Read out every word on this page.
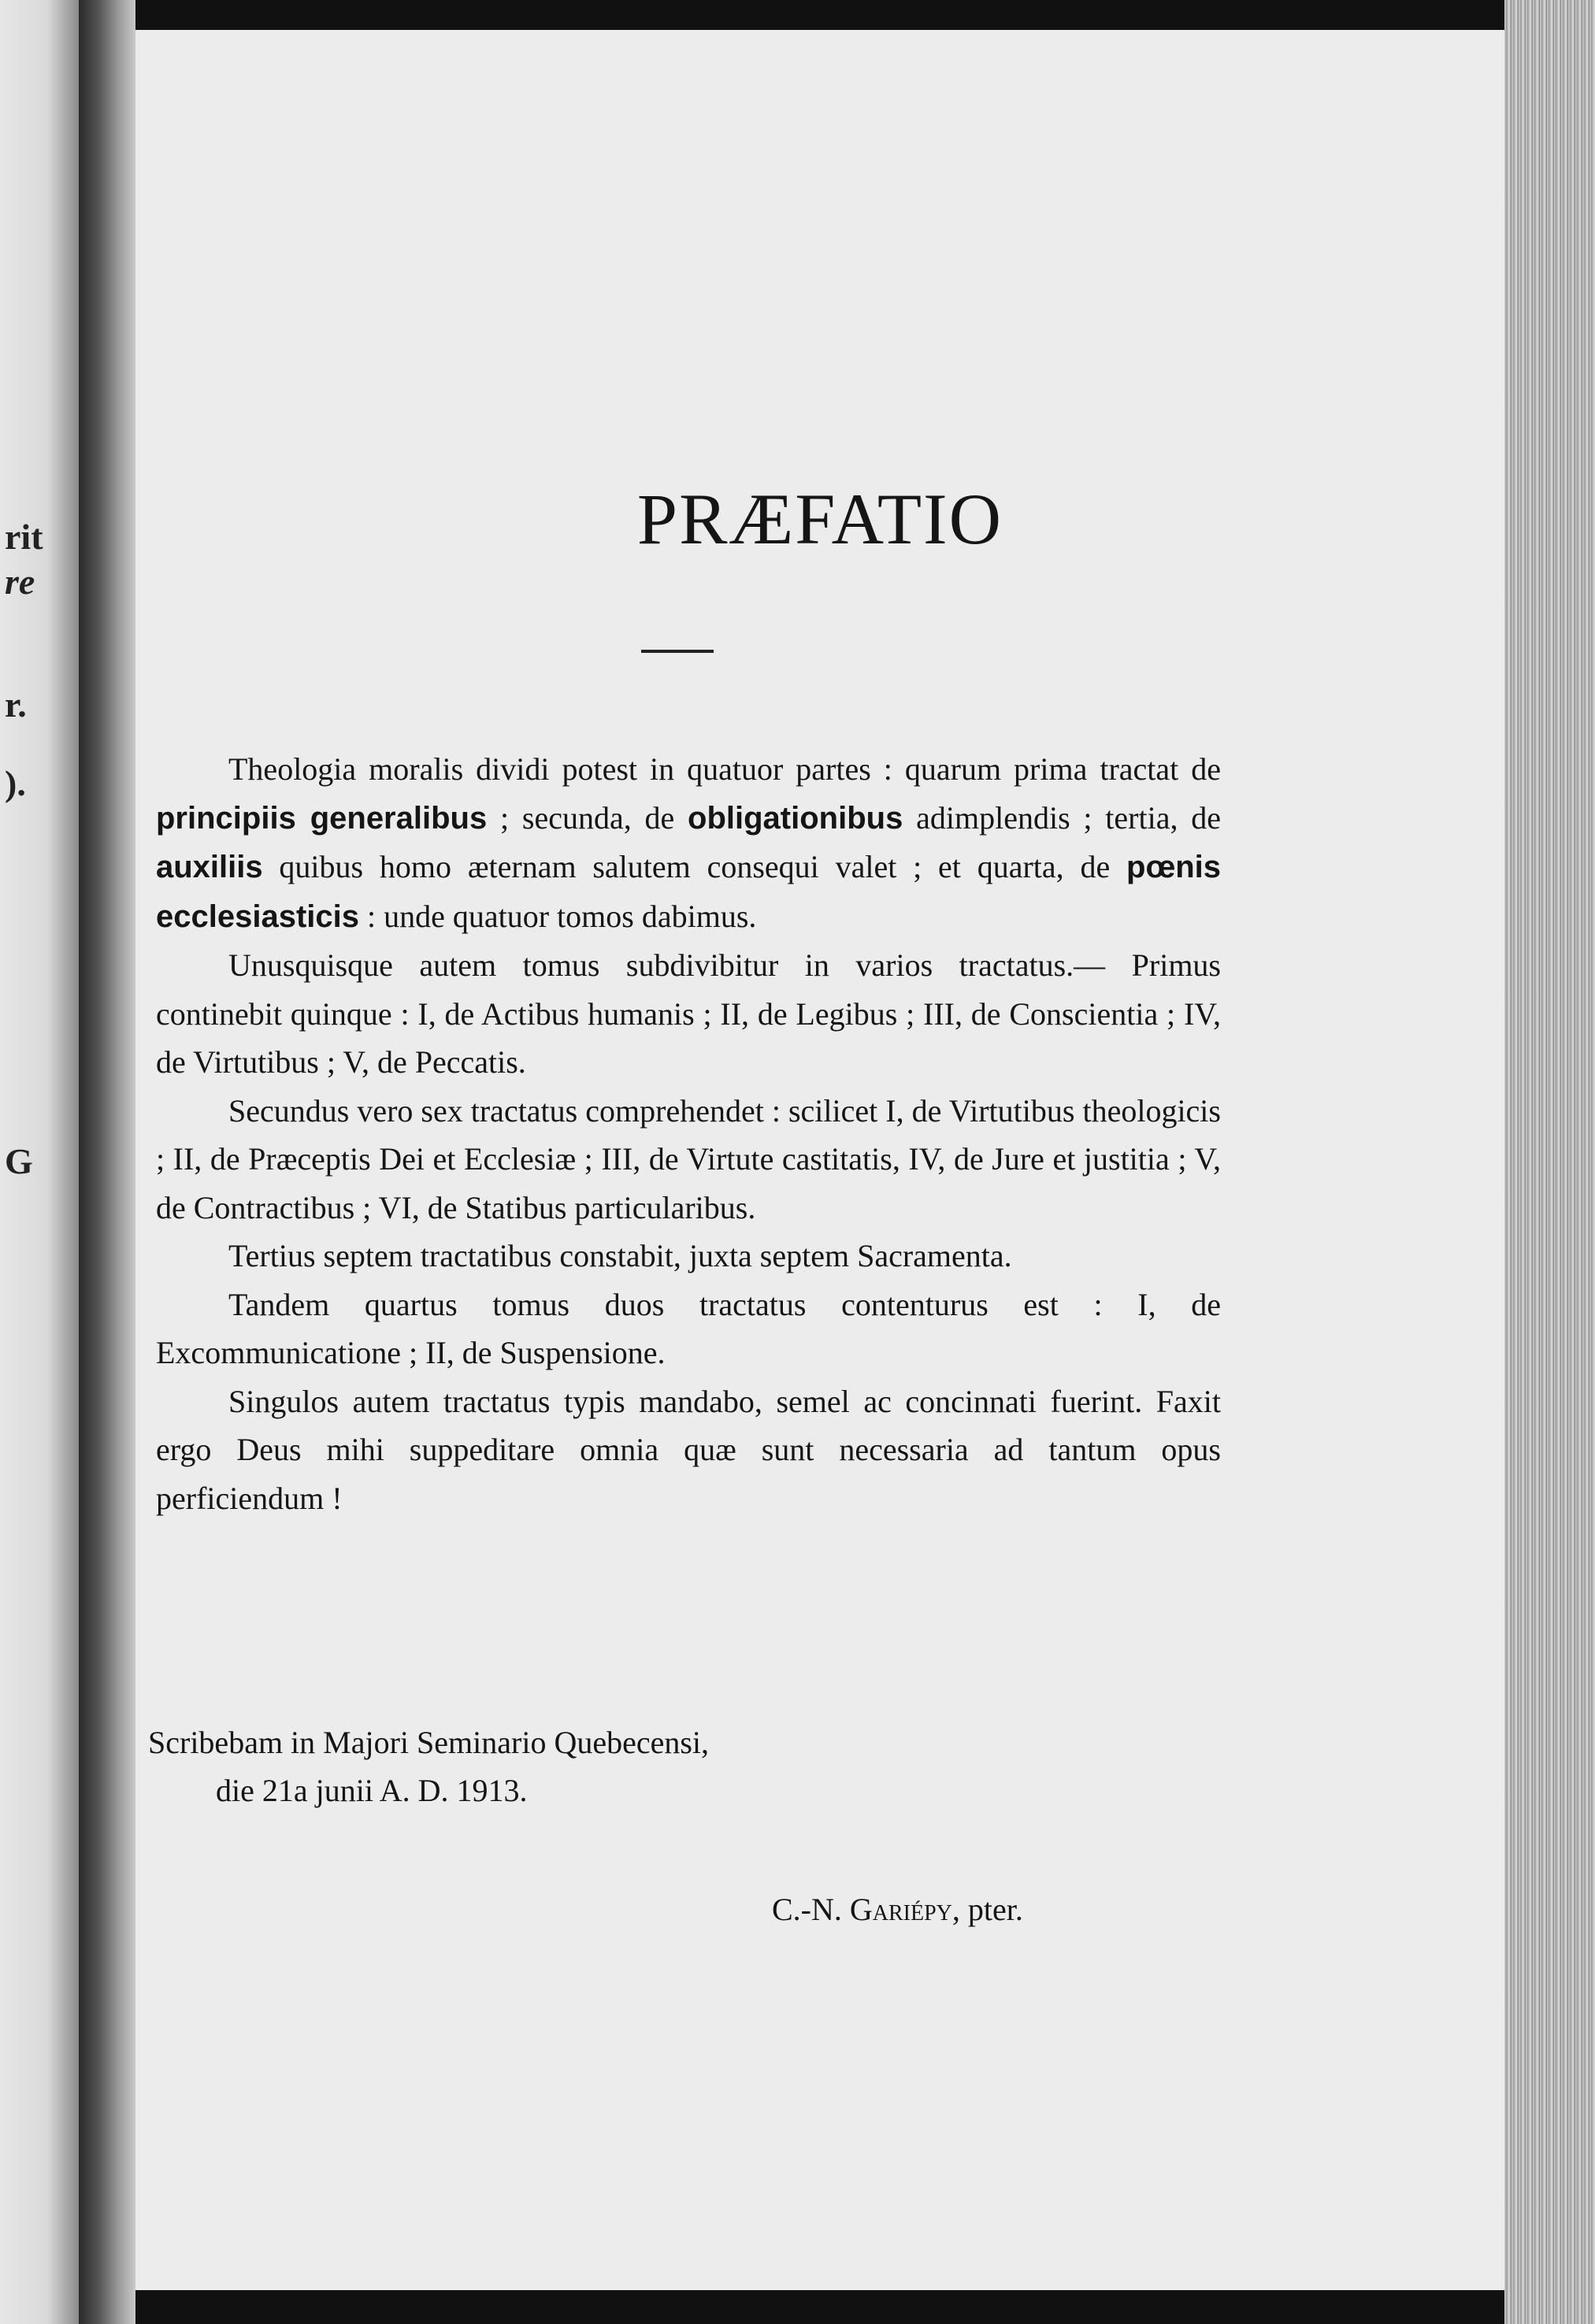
rit
re
r.
).
G
PRÆFATIO

Theologia moralis dividi potest in quatuor partes : quarum prima tractat de principiis generalibus ; secunda, de obligationibus adimplendis ; tertia, de auxiliis quibus homo æternam salutem consequi valet ; et quarta, de pœnis ecclesiasticis : unde quatuor tomos dabimus.

Unusquisque autem tomus subdivibitur in varios tractatus.— Primus continebit quinque : I, de Actibus humanis ; II, de Legibus ; III, de Conscientia ; IV, de Virtutibus ; V, de Peccatis.

Secundus vero sex tractatus comprehendet : scilicet I, de Virtutibus theologicis ; II, de Præceptis Dei et Ecclesiæ ; III, de Virtute castitatis, IV, de Jure et justitia ; V, de Contractibus ; VI, de Statibus particularibus.

Tertius septem tractatibus constabit, juxta septem Sacramenta.

Tandem quartus tomus duos tractatus contenturus est : I, de Excommunicatione ; II, de Suspensione.

Singulos autem tractatus typis mandabo, semel ac concinnati fuerint. Faxit ergo Deus mihi suppeditare omnia quæ sunt necessaria ad tantum opus perficiendum !

Scribebam in Majori Seminario Quebecensi,
die 21a junii A. D. 1913.
C.-N. Gariépy, pter.
